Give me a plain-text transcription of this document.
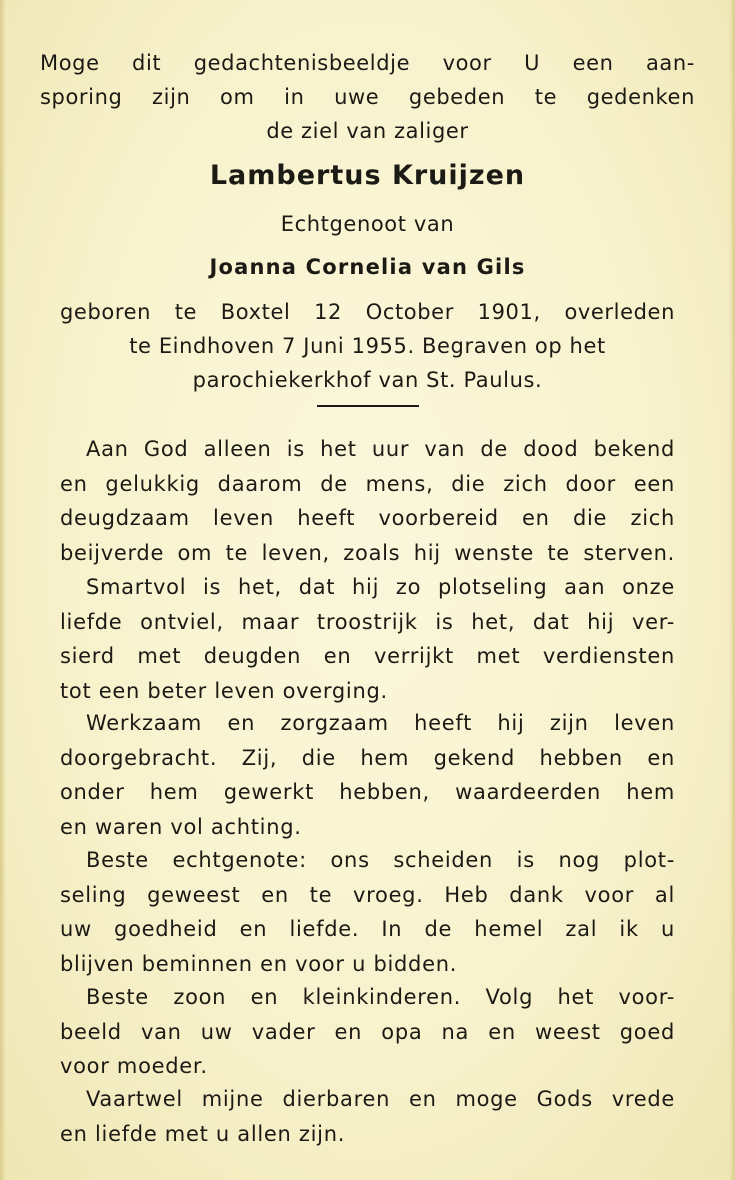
Moge dit gedachtenisbeeldje voor U een aan-
sporing zijn om in uwe gebeden te gedenken
de ziel van zaliger
Lambertus Kruijzen
Echtgenoot van
Joanna Cornelia van Gils
geboren te Boxtel 12 October 1901, overleden
te Eindhoven 7 Juni 1955. Begraven op het
parochiekerkhof van St. Paulus.
Aan God alleen is het uur van de dood bekend
en gelukkig daarom de mens, die zich door een
deugdzaam leven heeft voorbereid en die zich
beijverde om te leven, zoals hij wenste te sterven.
Smartvol is het, dat hij zo plotseling aan onze
liefde ontviel, maar troostrijk is het, dat hij ver-
sierd met deugden en verrijkt met verdiensten
tot een beter leven overging.
Werkzaam en zorgzaam heeft hij zijn leven
doorgebracht. Zij, die hem gekend hebben en
onder hem gewerkt hebben, waardeerden hem
en waren vol achting.
Beste echtgenote: ons scheiden is nog plot-
seling geweest en te vroeg. Heb dank voor al
uw goedheid en liefde. In de hemel zal ik u
blijven beminnen en voor u bidden.
Beste zoon en kleinkinderen. Volg het voor-
beeld van uw vader en opa na en weest goed
voor moeder.
Vaartwel mijne dierbaren en moge Gods vrede
en liefde met u allen zijn.
